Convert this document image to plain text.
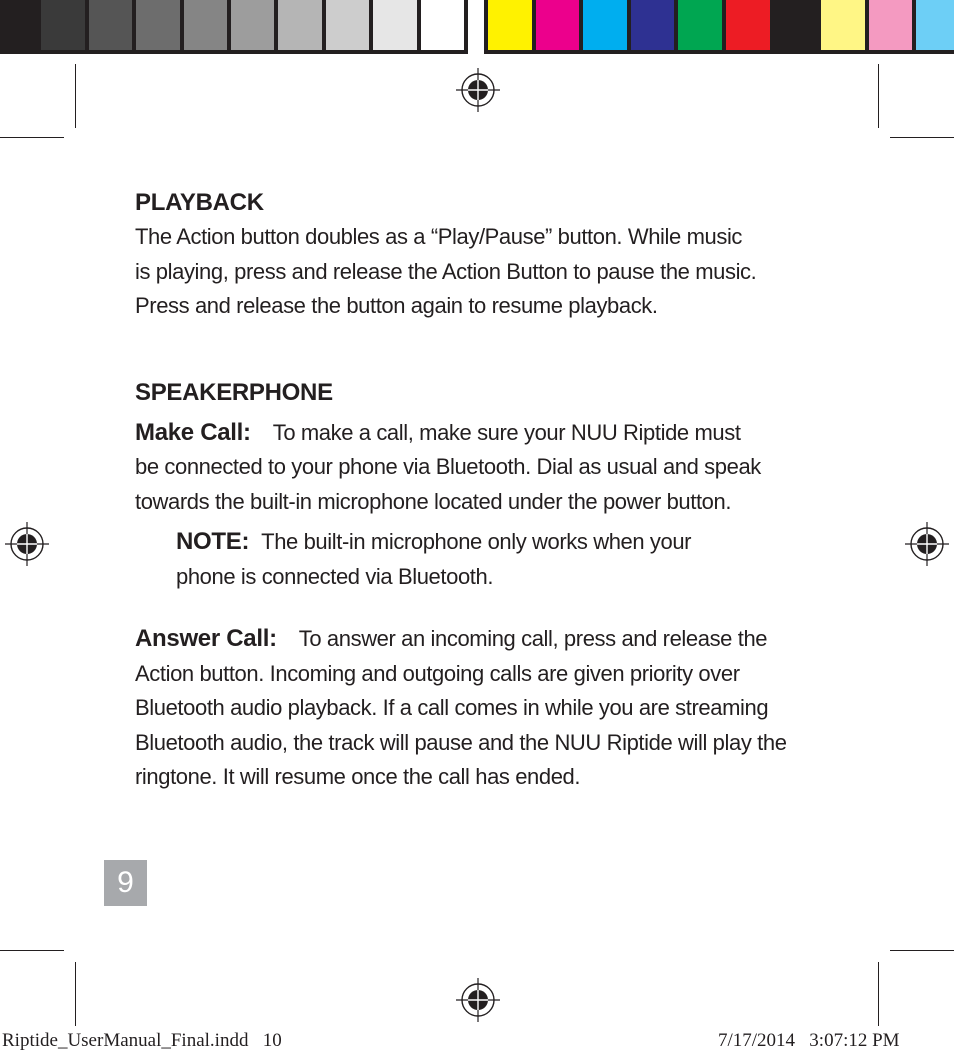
PLAYBACK

The Action button doubles as a “Play/Pause” button. While music
is playing, press and release the Action Button to pause the music.
Press and release the button again to resume playback.

SPEAKERPHONE

Make Call: To make a call, make sure your NUU Riptide must
be connected to your phone via Bluetooth. Dial as usual and speak
towards the built-in microphone located under the power button.

NOTE: The built-in microphone only works when your
phone is connected via Bluetooth.

Answer Call: To answer an incoming call, press and release the
Action button. Incoming and outgoing calls are given priority over
Bluetooth audio playback. If a call comes in while you are streaming
Bluetooth audio, the track will pause and the NUU Riptide will play the
ringtone. It will resume once the call has ended.

9
Riptide_UserManual_Final.indd   10	7/17/2014   3:07:12 PM
